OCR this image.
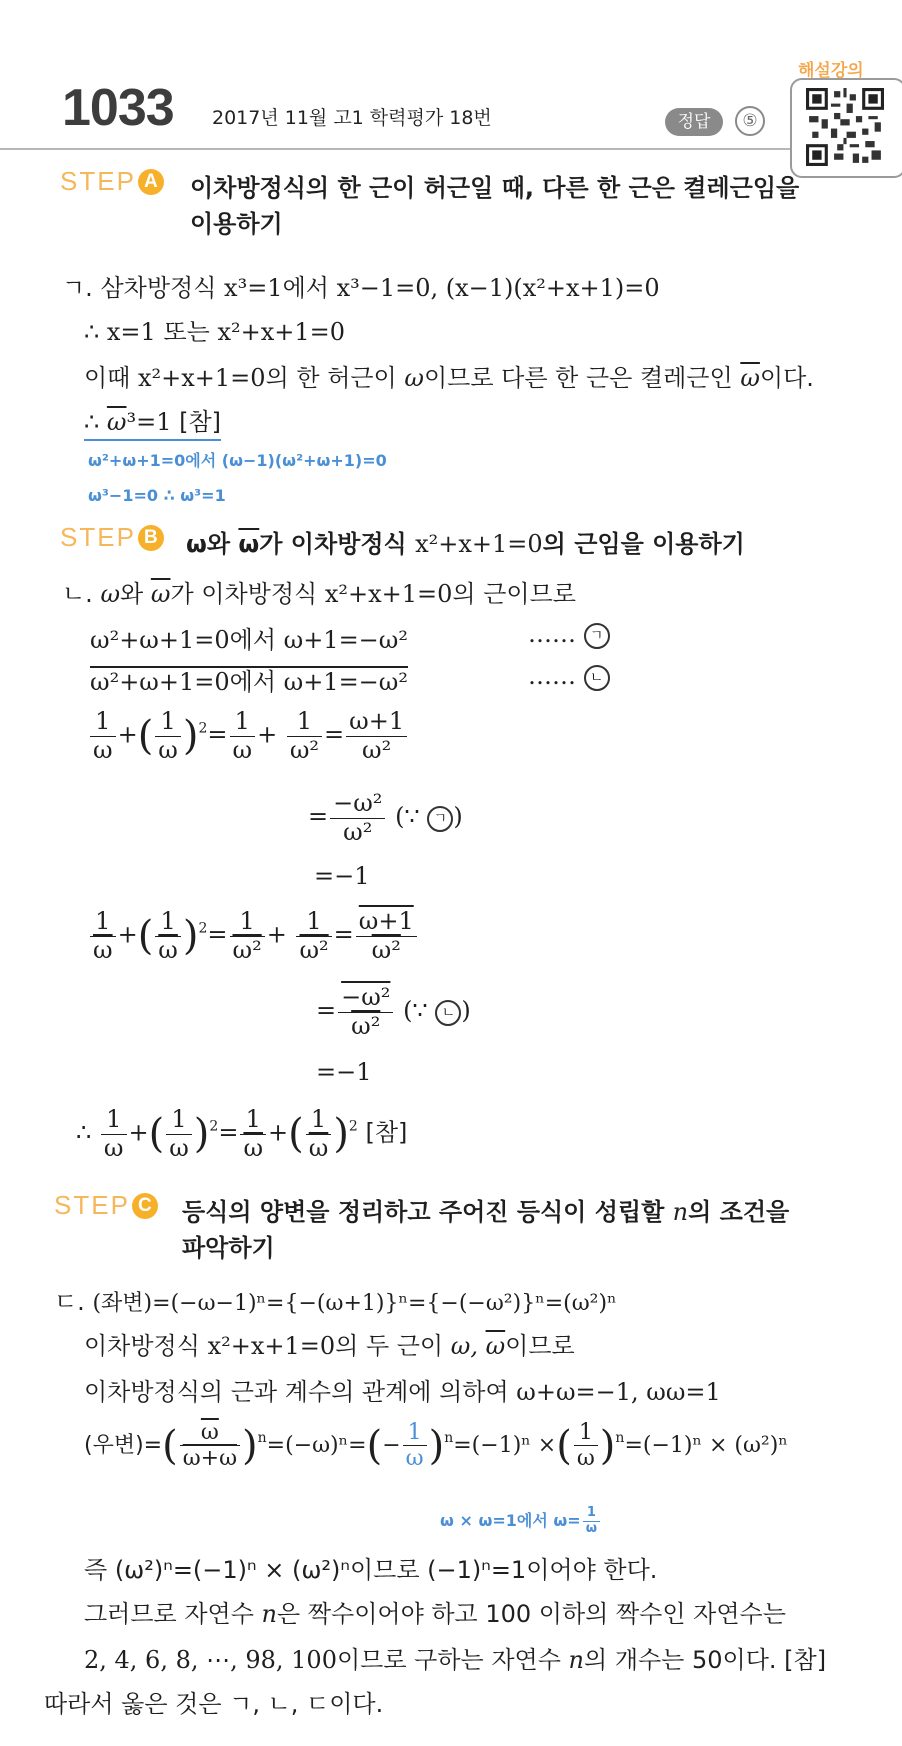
1033 2017년 11월 고1 학력평가 18번	정답	⑤
해설강의
STEP A 이차방정식의 한 근이 허근일 때, 다른 한 근은 켤레근임을
이용하기
ㄱ. 삼차방정식 x³=1에서 x³−1=0, (x−1)(x²+x+1)=0
∴ x=1 또는 x²+x+1=0
이때 x²+x+1=0의 한 허근이 ω이므로 다른 한 근은 켤레근인 $\overline{\omega}$이다.
∴ $\overline{\omega}^3=1$ [참]
ω²+ω+1=0에서 (ω−1)(ω²+ω+1)=0
ω³−1=0 ∴ ω³=1
STEP B ω와 $\overline{\omega}$가 이차방정식 x²+x+1=0의 근임을 이용하기
ㄴ. ω와 $\overline{\omega}$가 이차방정식 x²+x+1=0의 근이므로
ω²+ω+1=0에서 ω+1=−ω²	…… ㄱ
ω²+ω+1=0에서 ω+1=−ω²	…… ㄴ
$\frac{1}{\omega}$ +( $\frac{1}{\omega} )^2= \frac{1}{\omega} + \frac{1}{\text{ω²}} = \frac{\omega+1}{\text{ω²}}$
= $\frac{\text{−ω²}}{\text{ω²}}$ (∵ ㄱ )
=−1
$\frac{1}{\omega}$ +( $\frac{1}{\omega} )^2= \frac{1}{\text{ω²}} + \frac{1}{\text{ω²}} = \frac{\omega+1}{\text{ω²}}$
= $\frac{\text{−ω²}}{\text{ω²}}$ (∵ ㄴ )
=−1
∴ $\frac{1}{\omega}$ +( $\frac{1}{\omega} )^2= \frac{1}{\omega}$ +( $\frac{1}{\omega} )^2$ [참]
STEP C 등식의 양변을 정리하고 주어진 등식이 성립할 n의 조건을
파악하기
ㄷ. (좌변)=(−ω−1)ⁿ={−(ω+1)}ⁿ={−(−ω²)}ⁿ=(ω²)ⁿ
이차방정식 x²+x+1=0의 두 근이 ω, $\overline{\omega}$이므로
이차방정식의 근과 계수의 관계에 의하여 ω+ω=−1, ωω=1
(우변)=( $\frac{\overline{\omega}}{\omega+\omega} )^n=(-\omega)^n=(- \frac{1}{\omega} )^n=(-1)^n$ ×( $\frac{1}{\omega} )^n=(-1)^n \times (\omega^2)^n$
ω × ω=1에서 $\omega= \frac{1}{\omega}$
즉 (ω²)ⁿ=(−1)ⁿ × (ω²)ⁿ이므로 (−1)ⁿ=1이어야 한다.
그러므로 자연수 n은 짝수이어야 하고 100 이하의 짝수인 자연수는
2, 4, 6, 8, ⋯, 98, 100이므로 구하는 자연수 n의 개수는 50이다. [참]
따라서 옳은 것은 ㄱ, ㄴ, ㄷ이다.
